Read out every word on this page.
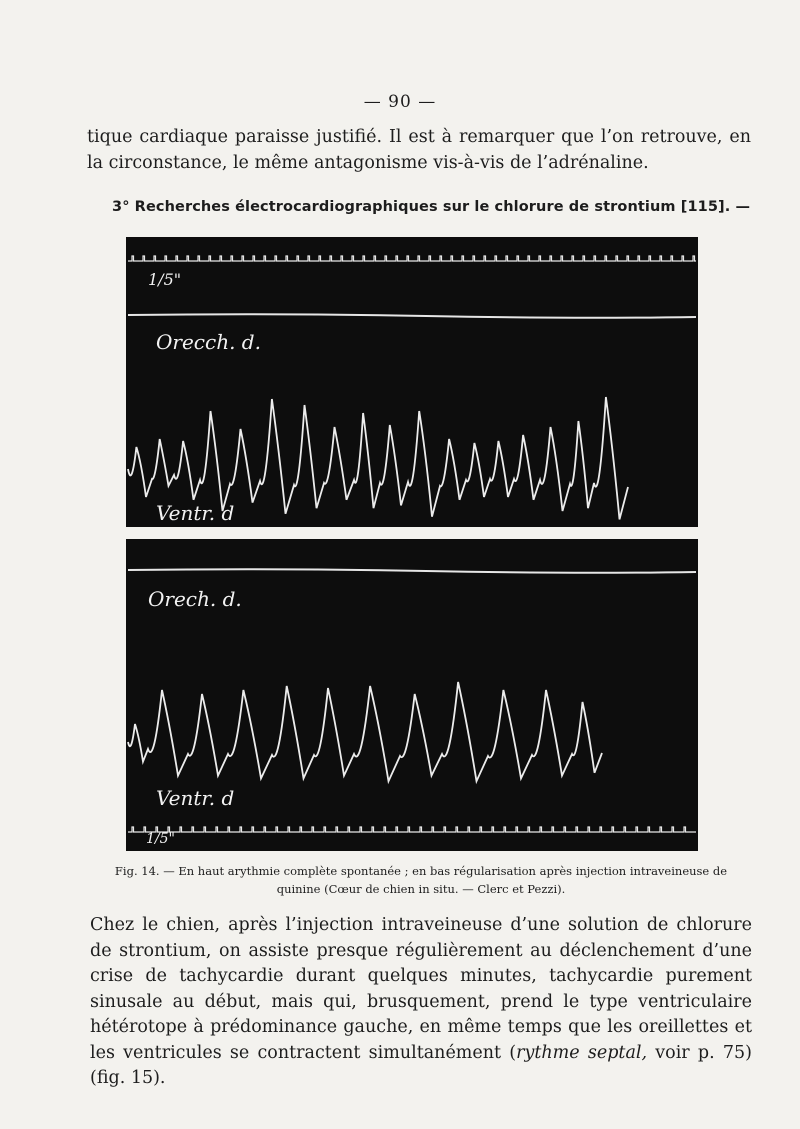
— 90 —
tique cardiaque paraisse justifié. Il est à remarquer que l’on retrouve, en la circonstance, le même antagonisme vis-à-vis de l’adrénaline.
3° Recherches électrocardiographiques sur le chlorure de strontium [115]. —
1/5"
Oreccℎ. d.
Ventr. d
Orecℎ. d.
Ventr. d
1/5"
Fig. 14. — En haut arythmie complète spontanée ; en bas régularisation après injection intraveineuse de
quinine (Cœur de chien in situ. — Clerc et Pezzi).
Chez le chien, après l’injection intraveineuse d’une solution de chlorure de strontium, on assiste presque régulièrement au déclenchement d’une crise de tachycardie durant quelques minutes, tachycardie purement sinusale au début, mais qui, brusquement, prend le type ventriculaire hétérotope à prédominance gauche, en même temps que les oreillettes et les ventricules se contractent simultanément (rythme septal, voir p. 75) (fig. 15).
